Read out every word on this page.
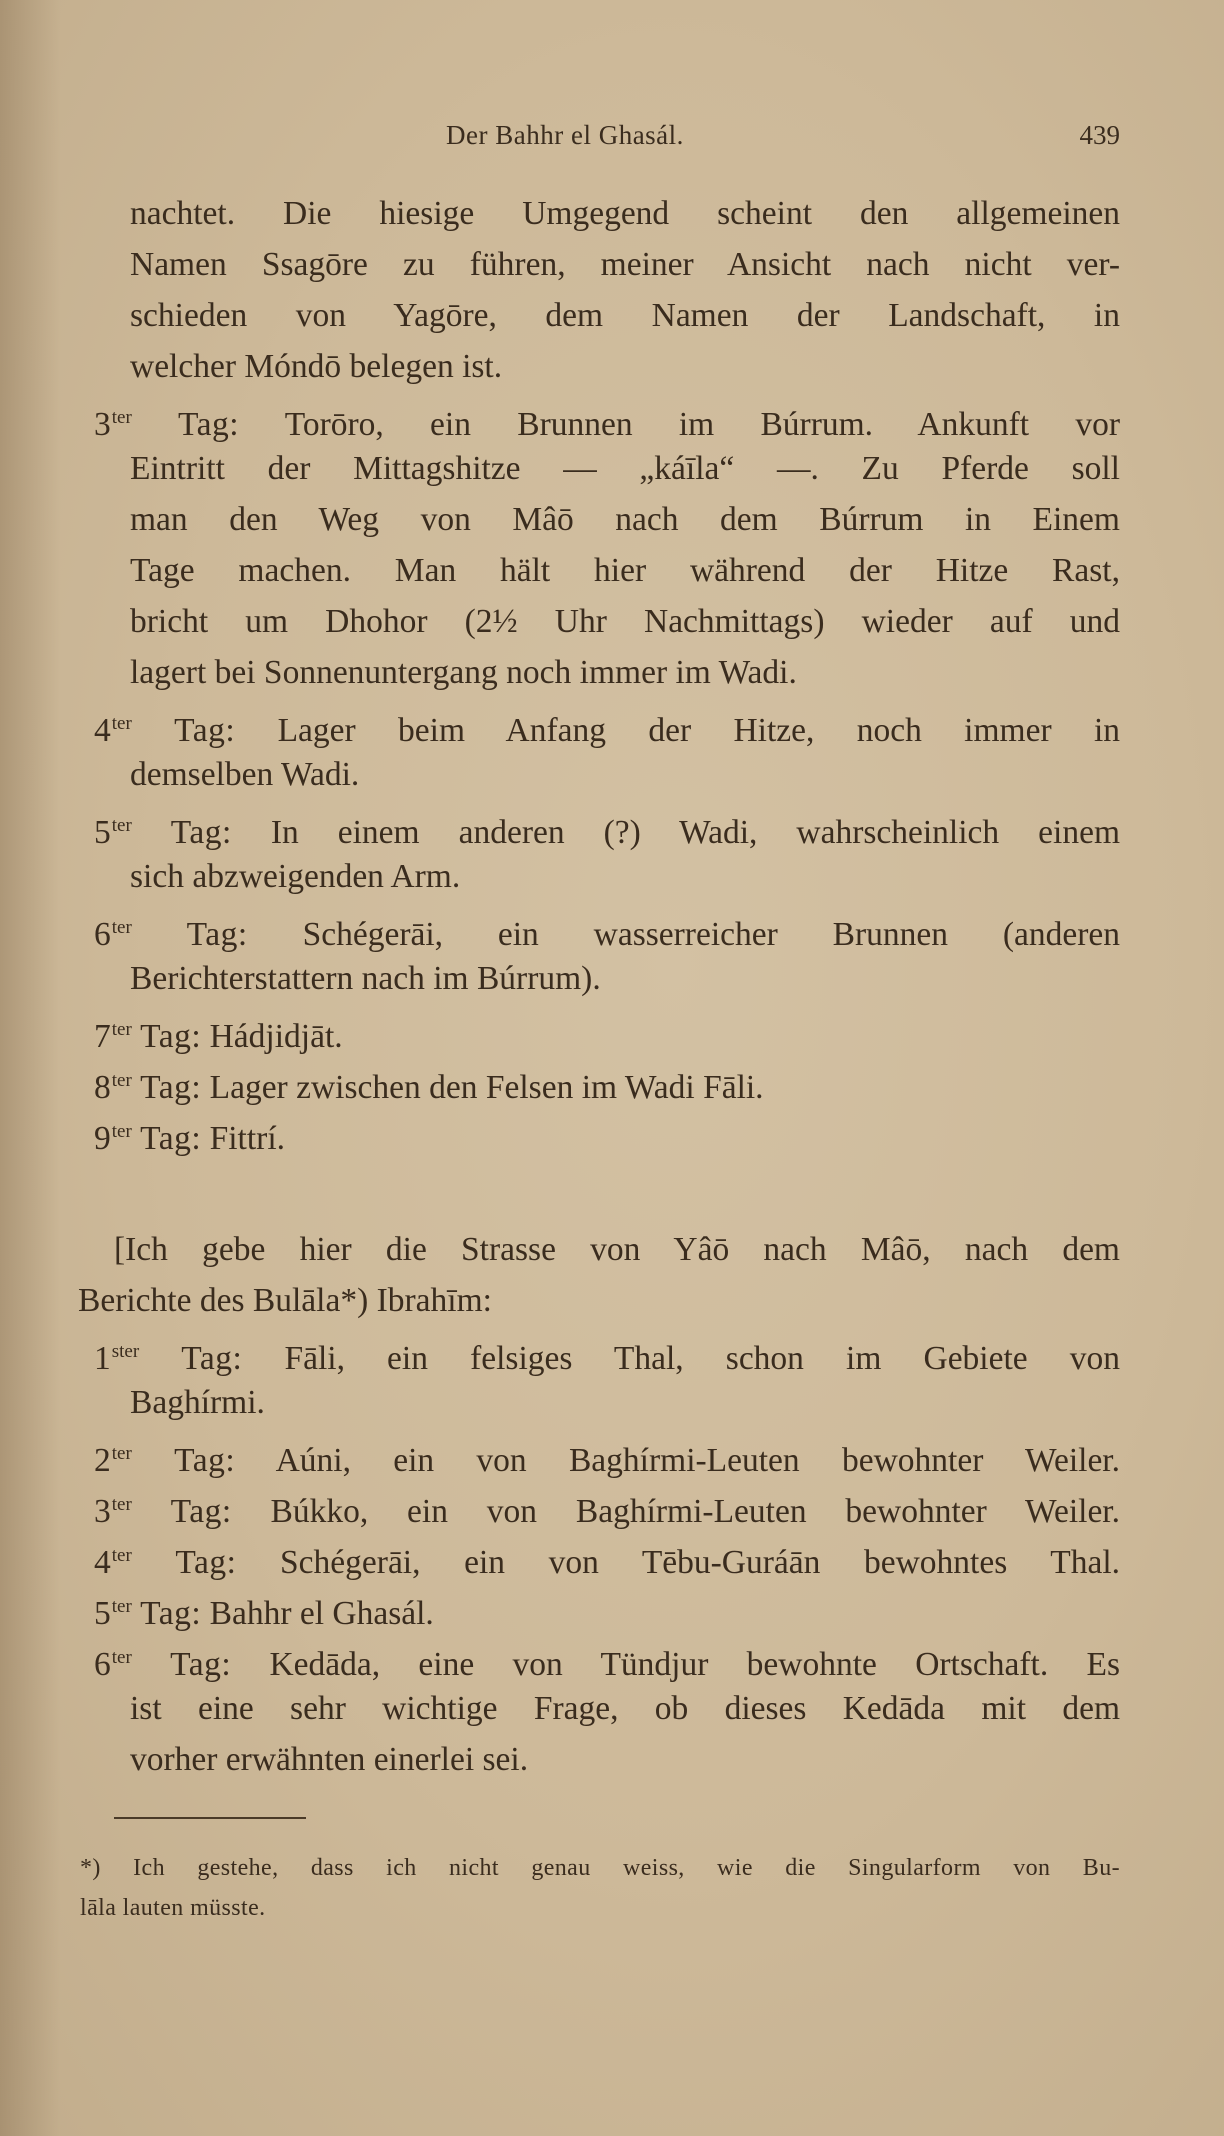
Der Bahhr el Ghasál.	439
nachtet. Die hiesige Umgegend scheint den allgemeinen
Namen Ssagōre zu führen, meiner Ansicht nach nicht ver-
schieden von Yagōre, dem Namen der Landschaft, in
welcher Móndō belegen ist.
$3^{ter}$ Tag: Torōro, ein Brunnen im Búrrum. Ankunft vor
Eintritt der Mittagshitze — „káīla“ —. Zu Pferde soll
man den Weg von Mâō nach dem Búrrum in Einem
Tage machen. Man hält hier während der Hitze Rast,
bricht um Dhohor (2½ Uhr Nachmittags) wieder auf und
lagert bei Sonnenuntergang noch immer im Wadi.
$4^{ter}$ Tag: Lager beim Anfang der Hitze, noch immer in
demselben Wadi.
$5^{ter}$ Tag: In einem anderen (?) Wadi, wahrscheinlich einem
sich abzweigenden Arm.
$6^{ter}$ Tag: Schégerāi, ein wasserreicher Brunnen (anderen
Berichterstattern nach im Búrrum).
$7^{ter}$ Tag: Hádjidjāt.
$8^{ter}$ Tag: Lager zwischen den Felsen im Wadi Fāli.
$9^{ter}$ Tag: Fittrí.
[Ich gebe hier die Strasse von Yâō nach Mâō, nach dem
Berichte des Bulāla*) Ibrahīm:
$1^{ster}$ Tag: Fāli, ein felsiges Thal, schon im Gebiete von
Baghírmi.
$2^{ter}$ Tag: Aúni, ein von Baghírmi-Leuten bewohnter Weiler.
$3^{ter}$ Tag: Búkko, ein von Baghírmi-Leuten bewohnter Weiler.
$4^{ter}$ Tag: Schégerāi, ein von Tēbu-Guráān bewohntes Thal.
$5^{ter}$ Tag: Bahhr el Ghasál.
$6^{ter}$ Tag: Kedāda, eine von Tündjur bewohnte Ortschaft. Es
ist eine sehr wichtige Frage, ob dieses Kedāda mit dem
vorher erwähnten einerlei sei.
*) Ich gestehe, dass ich nicht genau weiss, wie die Singularform von Bu-
lāla lauten müsste.
